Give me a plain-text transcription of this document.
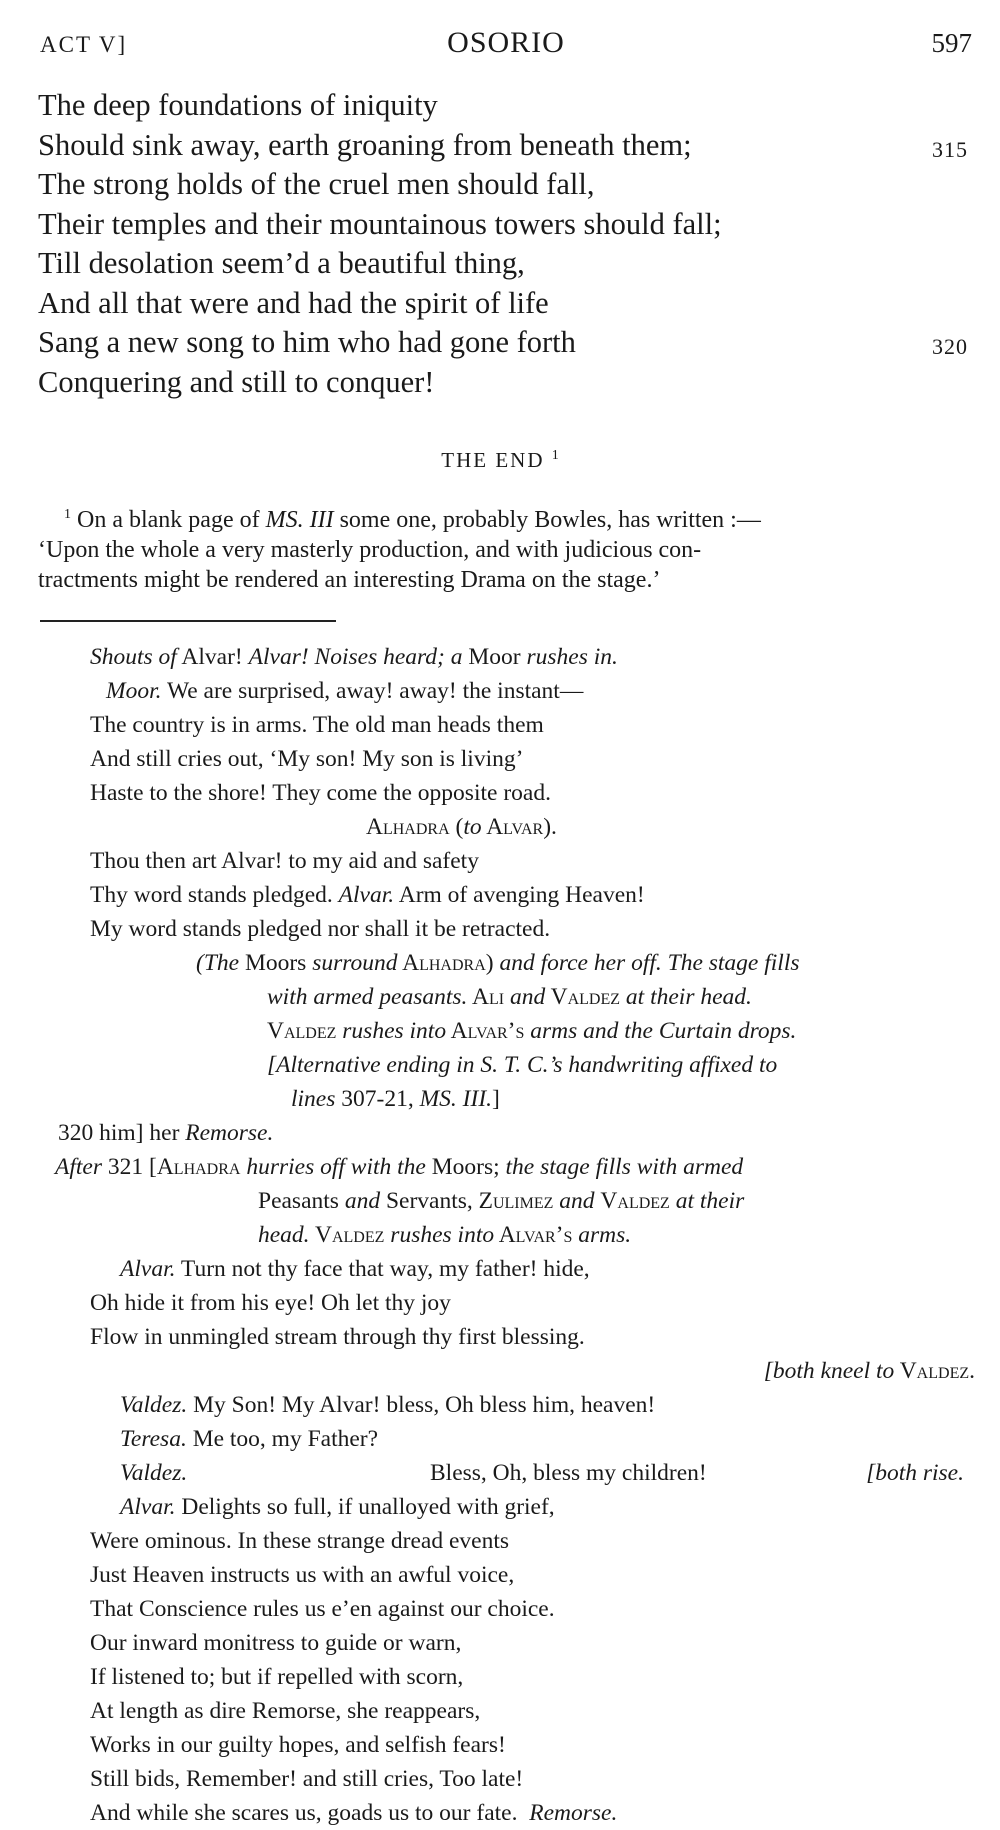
ACT V]	OSORIO	597
The deep foundations of iniquity
Should sink away, earth groaning from beneath them;	315
The strong holds of the cruel men should fall,
Their temples and their mountainous towers should fall;
Till desolation seem’d a beautiful thing,
And all that were and had the spirit of life
Sang a new song to him who had gone forth	320
Conquering and still to conquer!
THE END $^1$
$^1$ On a blank page of MS. III some one, probably Bowles, has written :—
‘Upon the whole a very masterly production, and with judicious con-
tractments might be rendered an interesting Drama on the stage.’
Shouts of Alvar! Alvar! Noises heard; a Moor rushes in.
Moor. We are surprised, away! away! the instant—
The country is in arms. The old man heads them
And still cries out, ‘My son! My son is living’
Haste to the shore! They come the opposite road.
Alhadra (to Alvar).
Thou then art Alvar! to my aid and safety
Thy word stands pledged. Alvar. Arm of avenging Heaven!
My word stands pledged nor shall it be retracted.
(The Moors surround Alhadra) and force her off. The stage fills
with armed peasants. Ali and Valdez at their head.
Valdez rushes into Alvar’s arms and the Curtain drops.
[Alternative ending in S. T. C.’s handwriting affixed to
lines 307-21, MS. III.]
320 him] her Remorse.
After 321 [Alhadra hurries off with the Moors; the stage fills with armed
Peasants and Servants, Zulimez and Valdez at their
head. Valdez rushes into Alvar’s arms.
Alvar. Turn not thy face that way, my father! hide,
Oh hide it from his eye! Oh let thy joy
Flow in unmingled stream through thy first blessing.
[both kneel to Valdez.
Valdez. My Son! My Alvar! bless, Oh bless him, heaven!
Teresa. Me too, my Father?
Valdez.	Bless, Oh, bless my children!	[both rise.
Alvar. Delights so full, if unalloyed with grief,
Were ominous. In these strange dread events
Just Heaven instructs us with an awful voice,
That Conscience rules us e’en against our choice.
Our inward monitress to guide or warn,
If listened to; but if repelled with scorn,
At length as dire Remorse, she reappears,
Works in our guilty hopes, and selfish fears!
Still bids, Remember! and still cries, Too late!
And while she scares us, goads us to our fate. Remorse.
